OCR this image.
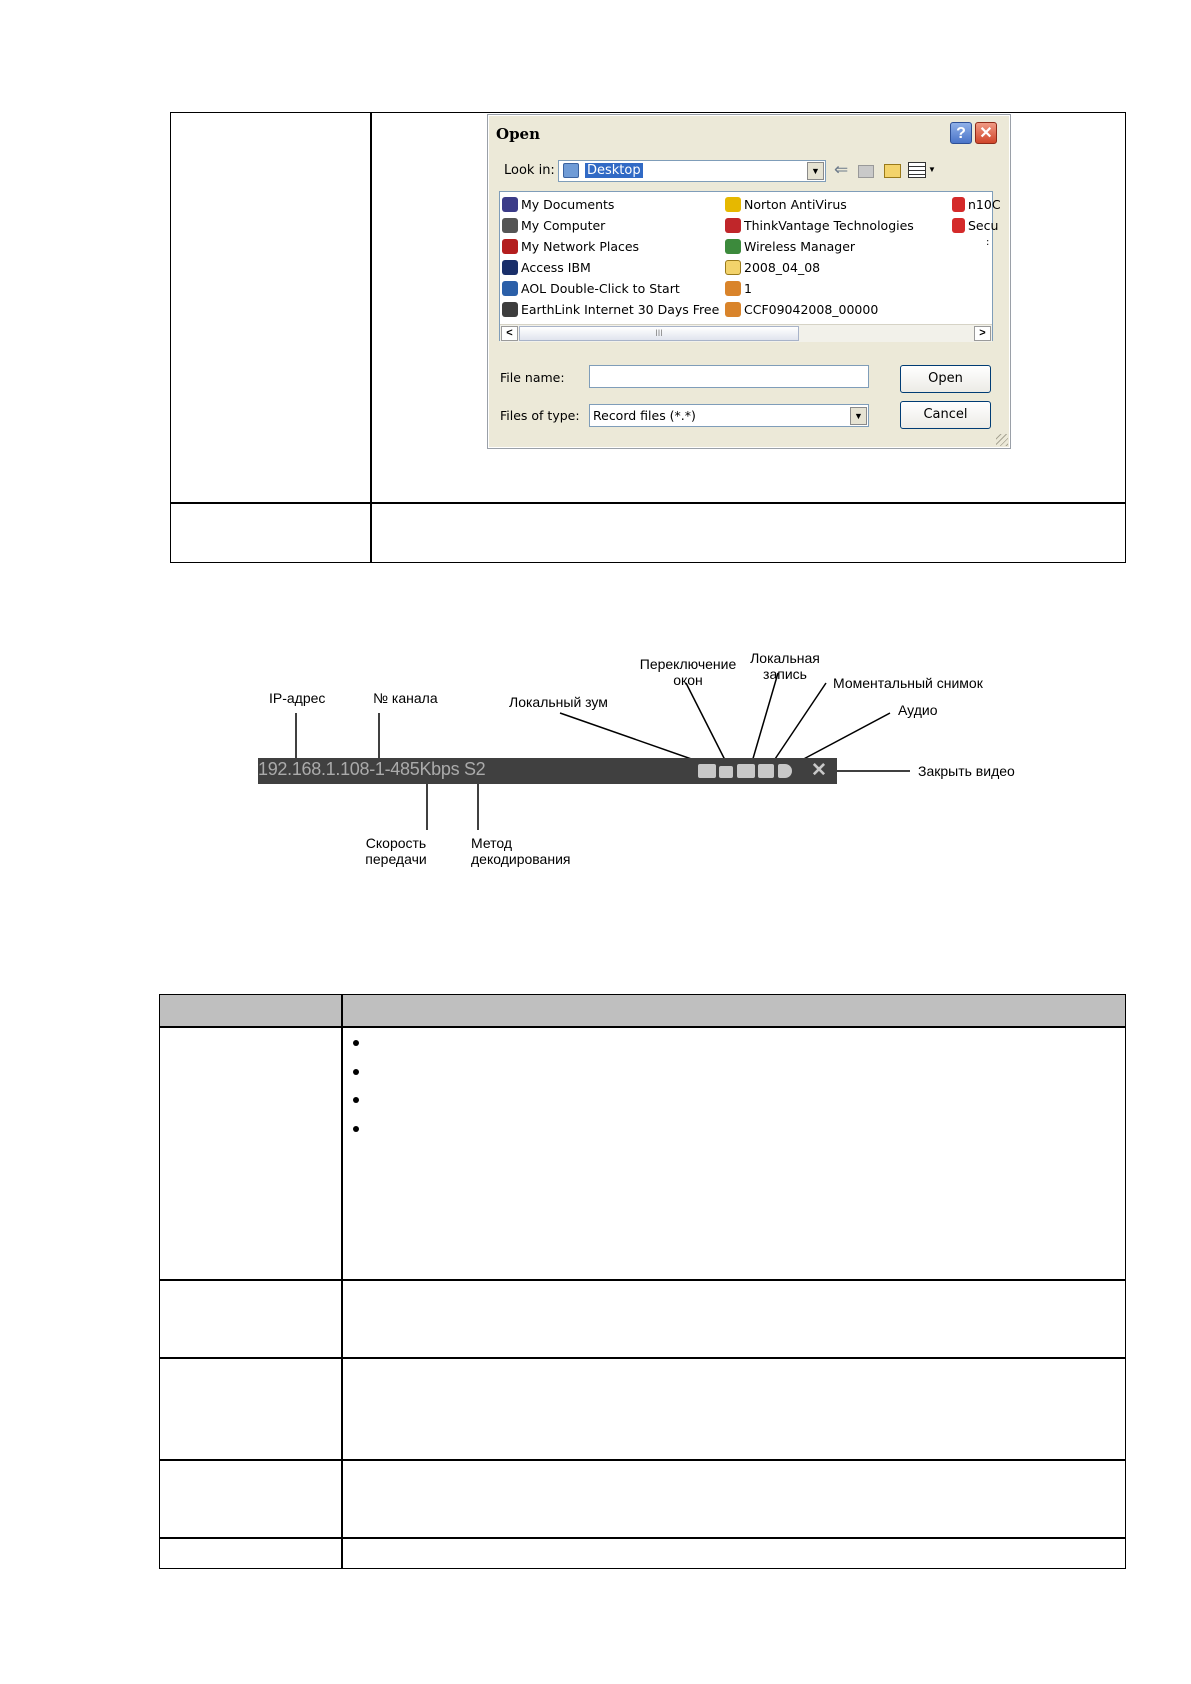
Open	? ✕
Look in: Desktop	▼ ⇐	▼
My Documents
My Computer
My Network Places
Access IBM
AOL Double-Click to Start
EarthLink Internet 30 Days Free
Norton AntiVirus
ThinkVantage Technologies
Wireless Manager
2008_04_08
1
CCF09042008_00000
n10C
Secu
:
<	III	>
File name:
Files of type: Record files (*.*)	▼
Open
Cancel
192.168.1.108-1-485Kbps S2	✕
IP-адрес	№ канала	Локальный зум
Переключение
окон
Локальная
запись
Моментальный снимок
Аудио
Закрыть видео
Скорость
передачи
Метод
декодирования
